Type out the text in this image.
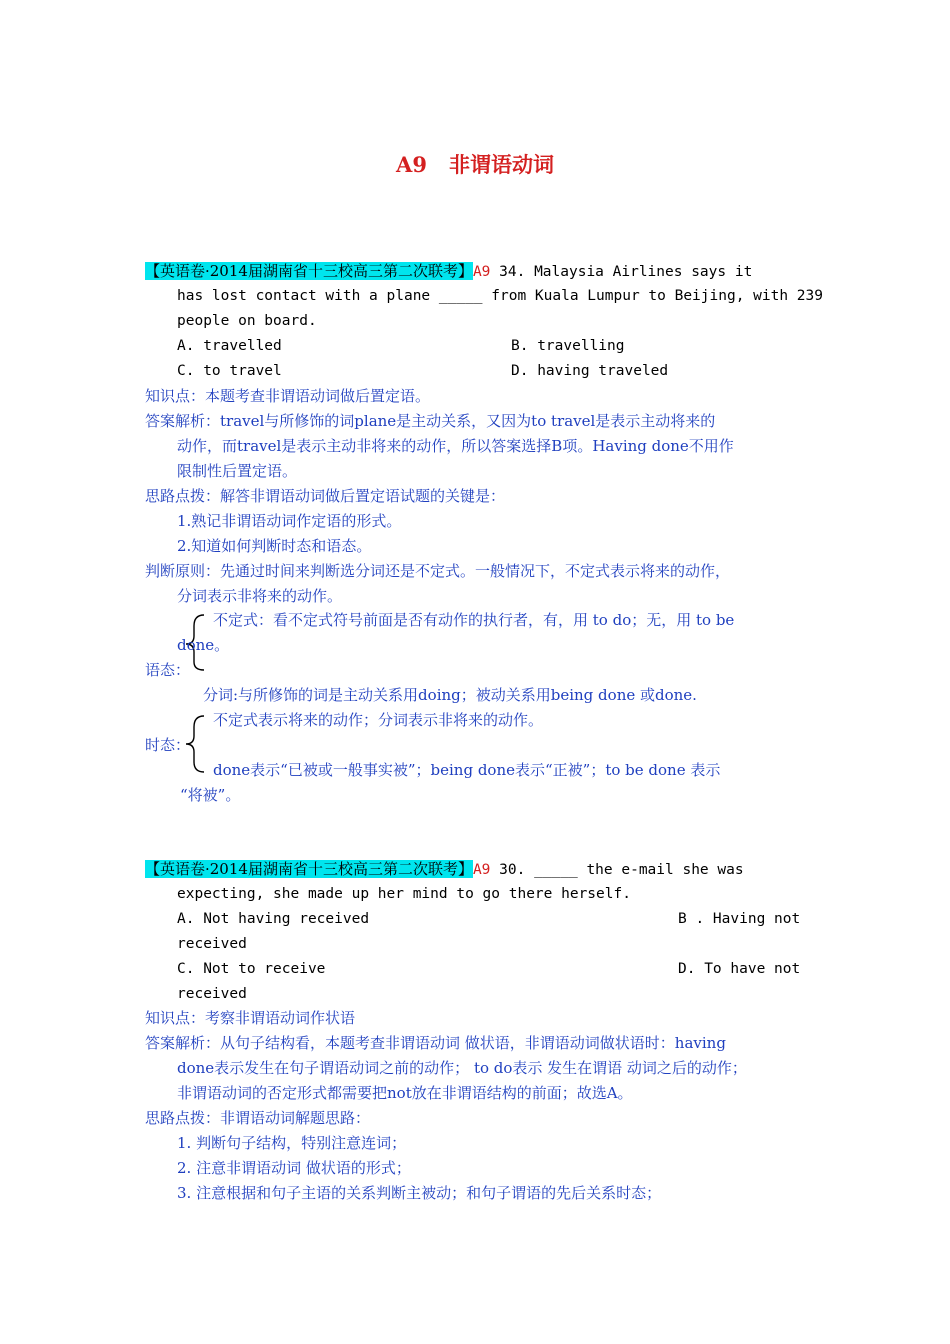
A9 非谓语动词
【英语卷·2014届湖南省十三校高三第二次联考】A9 34. Malaysia Airlines says it
has lost contact with a plane _____ from Kuala Lumpur to Beijing, with 239
people on board.
A. travelled	B. travelling
C. to travel	D. having traveled
知识点：本题考查非谓语动词做后置定语。
答案解析：travel与所修饰的词plane是主动关系，又因为to travel是表示主动将来的
动作，而travel是表示主动非将来的动作，所以答案选择B项。Having done不用作
限制性后置定语。
思路点拨：解答非谓语动词做后置定语试题的关键是：
1.熟记非谓语动词作定语的形式。
2.知道如何判断时态和语态。
判断原则：先通过时间来判断选分词还是不定式。一般情况下，不定式表示将来的动作，
分词表示非将来的动作。
不定式：看不定式符号前面是否有动作的执行者，有，用 to do；无，用 to be
done。
语态：
分词:与所修饰的词是主动关系用doing；被动关系用being done 或done.
不定式表示将来的动作；分词表示非将来的动作。
时态：
done表示“已被或一般事实被”；being done表示“正被”；to be done 表示
“将被”。
【英语卷·2014届湖南省十三校高三第二次联考】A9 30. _____ the e-mail she was
expecting, she made up her mind to go there herself.
A. Not having received	B . Having not
received
C. Not to receive	D. To have not
received
知识点：考察非谓语动词作状语
答案解析：从句子结构看，本题考查非谓语动词 做状语，非谓语动词做状语时：having
done表示发生在句子谓语动词之前的动作； to do表示 发生在谓语 动词之后的动作；
非谓语动词的否定形式都需要把not放在非谓语结构的前面；故选A。
思路点拨：非谓语动词解题思路：
1. 判断句子结构，特别注意连词；
2. 注意非谓语动词 做状语的形式；
3. 注意根据和句子主语的关系判断主被动；和句子谓语的先后关系时态；
